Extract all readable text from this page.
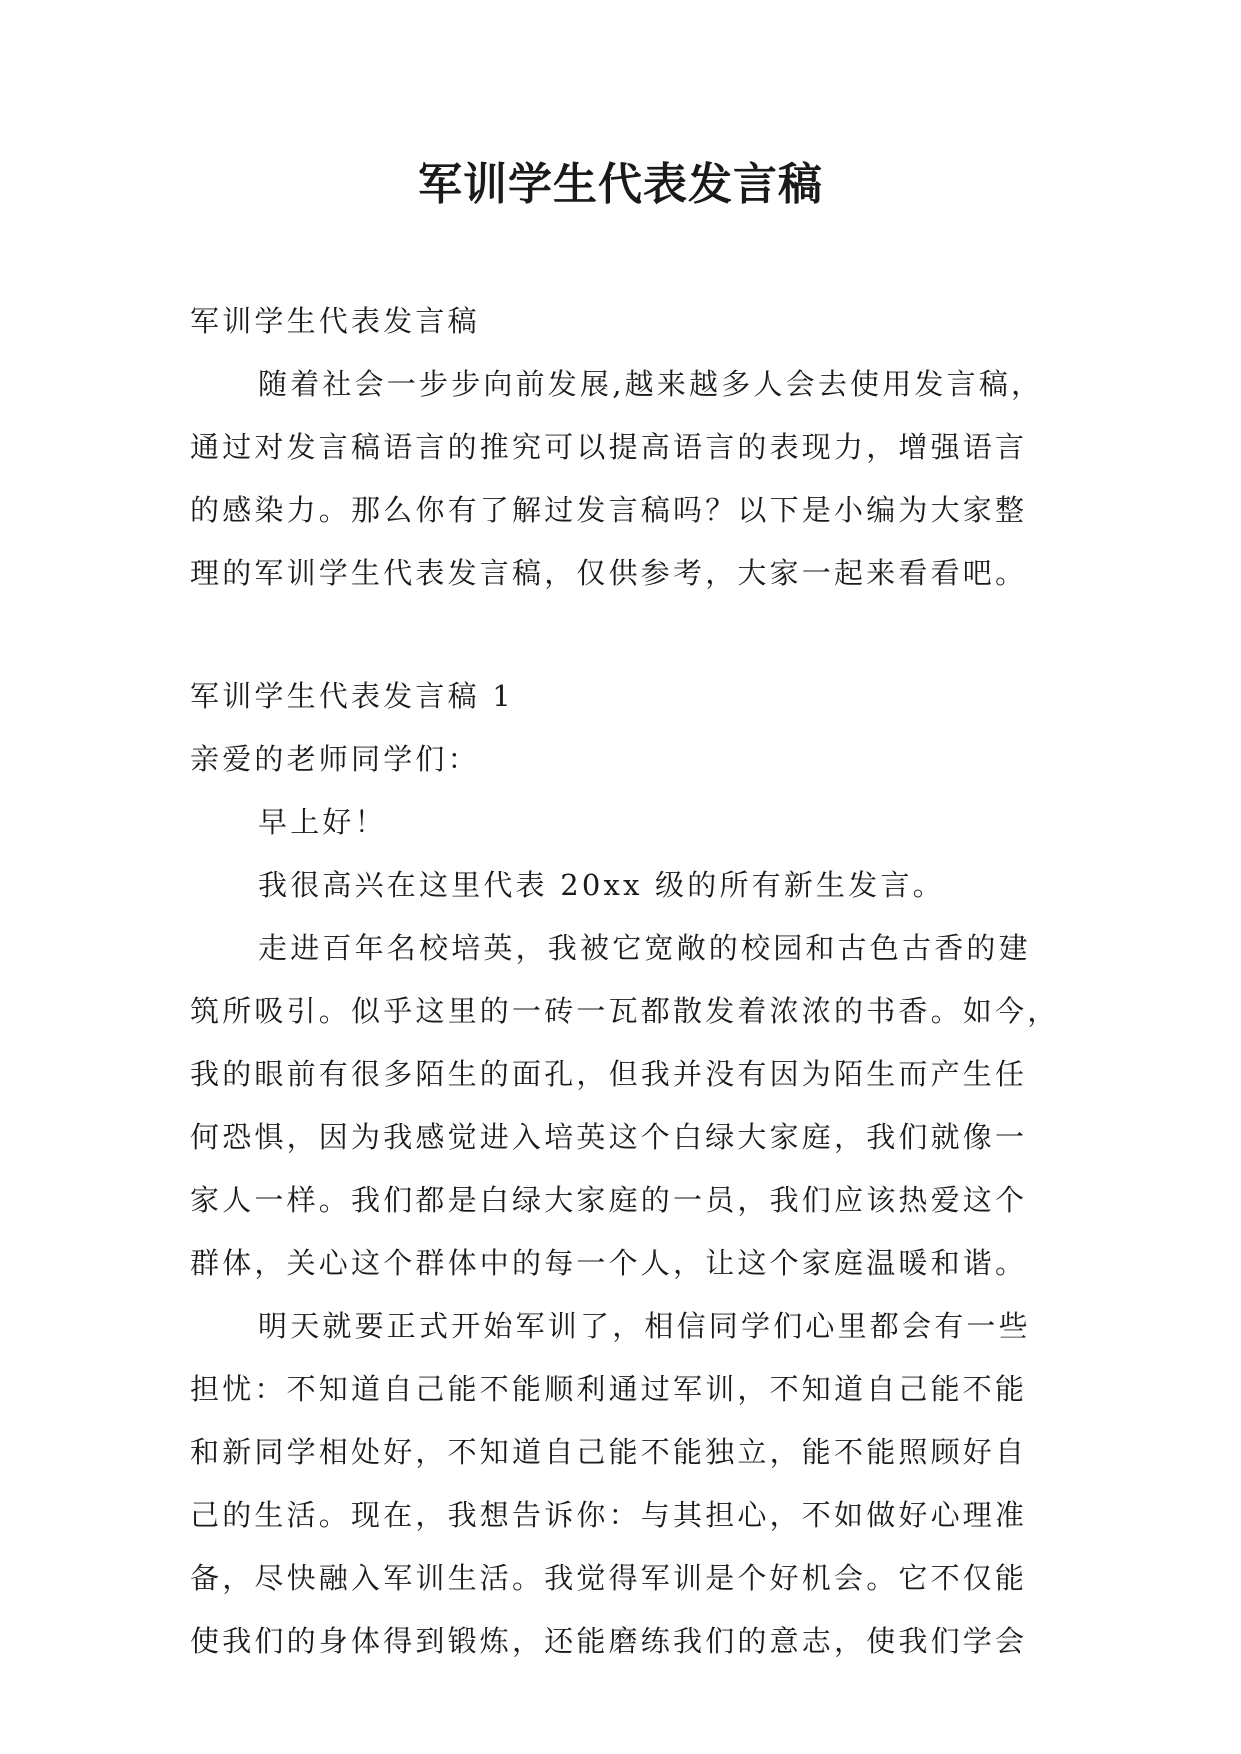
军训学生代表发言稿

军训学生代表发言稿

随着社会一步步向前发展,越来越多人会去使用发言稿，

通过对发言稿语言的推究可以提高语言的表现力，增强语言

的感染力。那么你有了解过发言稿吗？以下是小编为大家整

理的军训学生代表发言稿，仅供参考，大家一起来看看吧。

军训学生代表发言稿 1

亲爱的老师同学们：

早上好！

我很高兴在这里代表 20xx 级的所有新生发言。

走进百年名校培英，我被它宽敞的校园和古色古香的建

筑所吸引。似乎这里的一砖一瓦都散发着浓浓的书香。如今，

我的眼前有很多陌生的面孔，但我并没有因为陌生而产生任

何恐惧，因为我感觉进入培英这个白绿大家庭，我们就像一

家人一样。我们都是白绿大家庭的一员，我们应该热爱这个

群体，关心这个群体中的每一个人，让这个家庭温暖和谐。

明天就要正式开始军训了，相信同学们心里都会有一些

担忧：不知道自己能不能顺利通过军训，不知道自己能不能

和新同学相处好，不知道自己能不能独立，能不能照顾好自

己的生活。现在，我想告诉你：与其担心，不如做好心理准

备，尽快融入军训生活。我觉得军训是个好机会。它不仅能

使我们的身体得到锻炼，还能磨练我们的意志，使我们学会
